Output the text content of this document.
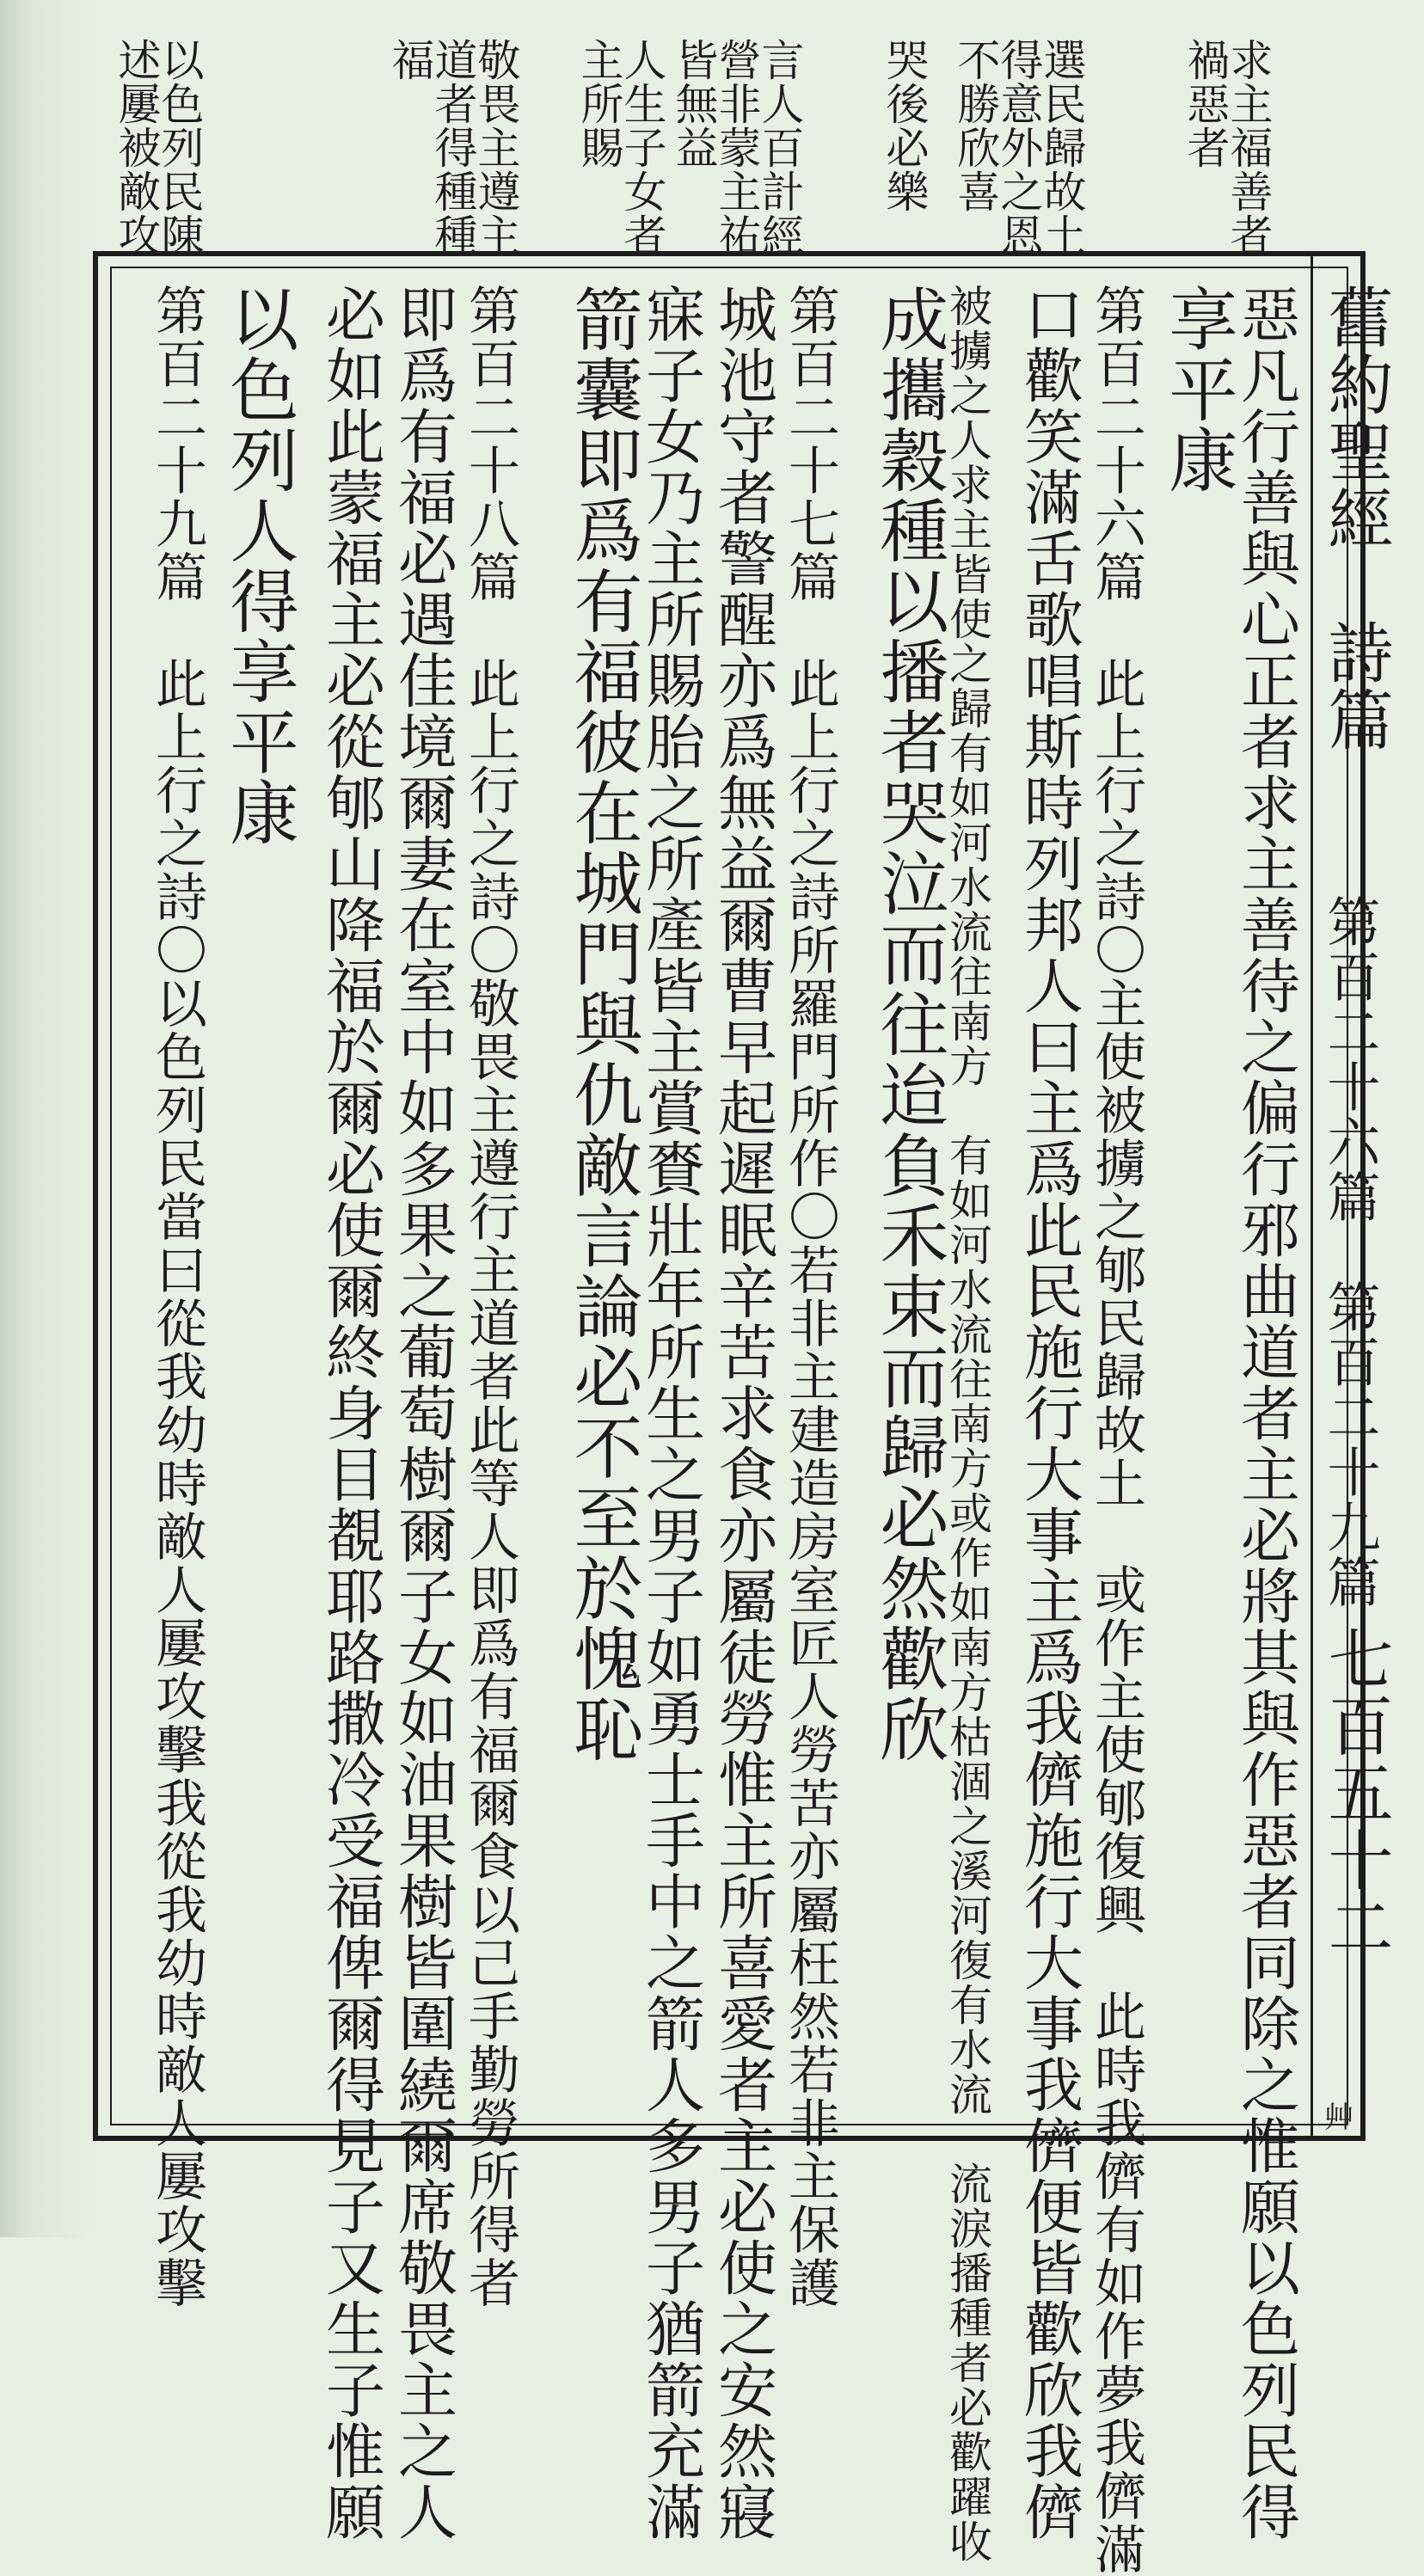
舊約聖經
詩篇
第百二十六篇　第百二十九篇
七百五十二
艸
求主福善者
禍惡者
選民歸故土
得意外之恩
不勝欣喜
哭後必樂
言人百計經
營非蒙主祐
皆無益
人生子女者
主所賜
敬畏主遵主
道者得種種
福
以色列民陳
述屢被敵攻
惡凡行善與心正者求主善待之偏行邪曲道者主必將其與作惡者同除之惟願以色列民得
享平康
第百二十六篇　此上行之詩〇主使被擄之郇民歸故土　或作主使郇復興　此時我儕有如作夢我儕滿
口歡笑滿舌歌唱斯時列邦人曰主爲此民施行大事主爲我儕施行大事我儕便皆歡欣我儕
被擄之人求主皆使之歸有如河水流往南方　有如河水流往南方或作如南方枯涸之溪河復有水流　流淚播種者必歡躍收
成攜穀種以播者哭泣而往迨負禾束而歸必然歡欣
第百二十七篇　此上行之詩所羅門所作〇若非主建造房室匠人勞苦亦屬枉然若非主保護
城池守者警醒亦爲無益爾曹早起遲眠辛苦求食亦屬徒勞惟主所喜愛者主必使之安然寢
寐子女乃主所賜胎之所產皆主賞賚壯年所生之男子如勇士手中之箭人多男子猶箭充滿
箭囊即爲有福彼在城門與仇敵言論必不至於愧恥
第百二十八篇　此上行之詩〇敬畏主遵行主道者此等人即爲有福爾食以己手勤勞所得者
即爲有福必遇佳境爾妻在室中如多果之葡萄樹爾子女如油果樹皆圍繞爾席敬畏主之人
必如此蒙福主必從郇山降福於爾必使爾終身目覩耶路撒冷受福俾爾得見子又生子惟願
以色列人得享平康
第百二十九篇　此上行之詩〇以色列民當曰從我幼時敵人屢攻擊我從我幼時敵人屢攻擊
